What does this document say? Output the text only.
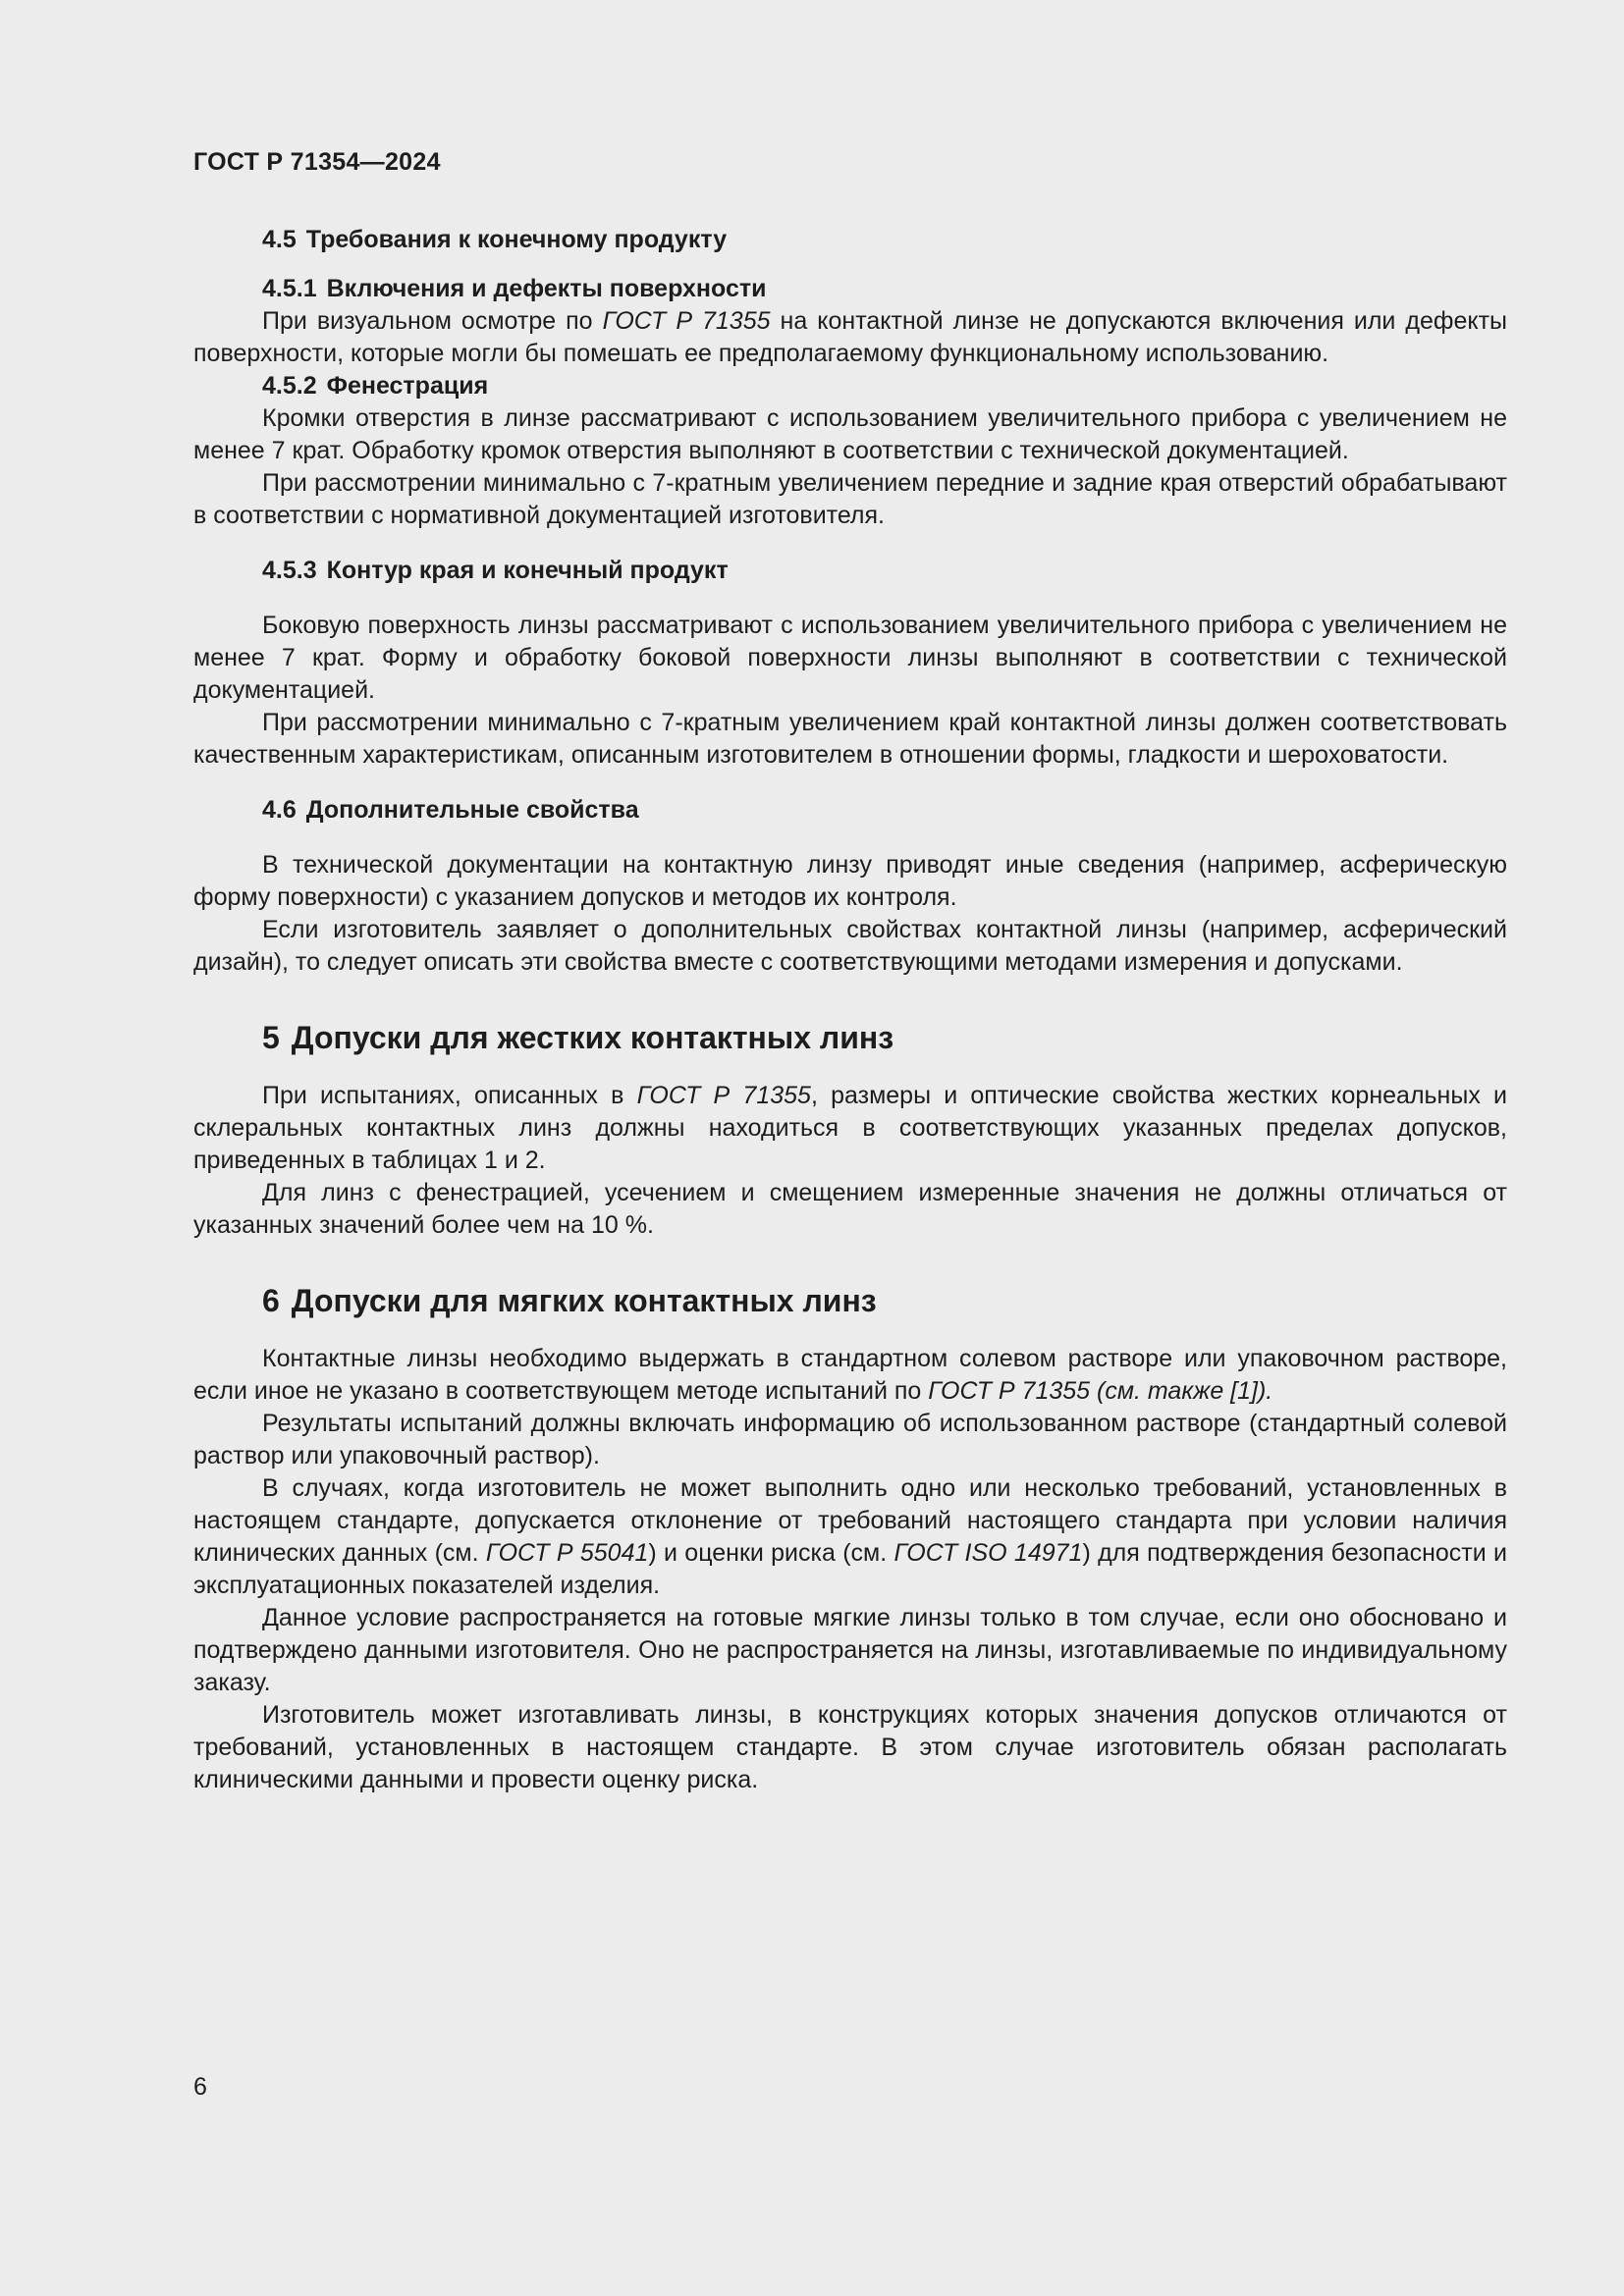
ГОСТ Р 71354—2024
4.5 Требования к конечному продукту
4.5.1 Включения и дефекты поверхности

При визуальном осмотре по ГОСТ Р 71355 на контактной линзе не допускаются включения или дефекты поверхности, которые могли бы помешать ее предполагаемому функциональному использованию.

4.5.2 Фенестрация

Кромки отверстия в линзе рассматривают с использованием увеличительного прибора с увеличением не менее 7 крат. Обработку кромок отверстия выполняют в соответствии с технической документацией.

При рассмотрении минимально с 7-кратным увеличением передние и задние края отверстий обрабатывают в соответствии с нормативной документацией изготовителя.

4.5.3 Контур края и конечный продукт

Боковую поверхность линзы рассматривают с использованием увеличительного прибора с увеличением не менее 7 крат. Форму и обработку боковой поверхности линзы выполняют в соответствии с технической документацией.

При рассмотрении минимально с 7-кратным увеличением край контактной линзы должен соответствовать качественным характеристикам, описанным изготовителем в отношении формы, гладкости и шероховатости.

4.6 Дополнительные свойства

В технической документации на контактную линзу приводят иные сведения (например, асферическую форму поверхности) с указанием допусков и методов их контроля.

Если изготовитель заявляет о дополнительных свойствах контактной линзы (например, асферический дизайн), то следует описать эти свойства вместе с соответствующими методами измерения и допусками.

5 Допуски для жестких контактных линз

При испытаниях, описанных в ГОСТ Р 71355, размеры и оптические свойства жестких корнеальных и склеральных контактных линз должны находиться в соответствующих указанных пределах допусков, приведенных в таблицах 1 и 2.

Для линз с фенестрацией, усечением и смещением измеренные значения не должны отличаться от указанных значений более чем на 10 %.

6 Допуски для мягких контактных линз

Контактные линзы необходимо выдержать в стандартном солевом растворе или упаковочном растворе, если иное не указано в соответствующем методе испытаний по ГОСТ Р 71355 (см. также [1]).

Результаты испытаний должны включать информацию об использованном растворе (стандартный солевой раствор или упаковочный раствор).

В случаях, когда изготовитель не может выполнить одно или несколько требований, установленных в настоящем стандарте, допускается отклонение от требований настоящего стандарта при условии наличия клинических данных (см. ГОСТ Р 55041) и оценки риска (см. ГОСТ ISO 14971) для подтверждения безопасности и эксплуатационных показателей изделия.

Данное условие распространяется на готовые мягкие линзы только в том случае, если оно обосновано и подтверждено данными изготовителя. Оно не распространяется на линзы, изготавливаемые по индивидуальному заказу.

Изготовитель может изготавливать линзы, в конструкциях которых значения допусков отличаются от требований, установленных в настоящем стандарте. В этом случае изготовитель обязан располагать клиническими данными и провести оценку риска.

6
